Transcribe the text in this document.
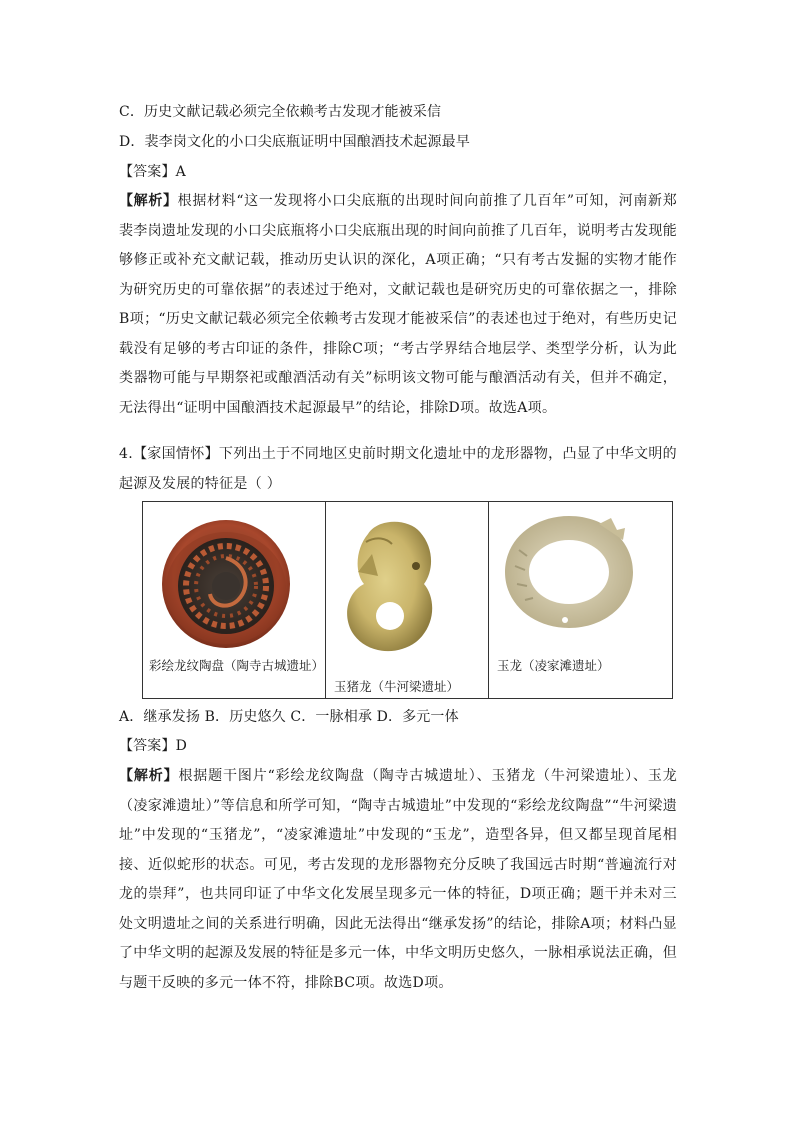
C．历史文献记载必须完全依赖考古发现才能被采信
D．裴李岗文化的小口尖底瓶证明中国酿酒技术起源最早
【答案】A
【解析】根据材料“这一发现将小口尖底瓶的出现时间向前推了几百年”可知，河南新郑裴李岗遗址发现的小口尖底瓶将小口尖底瓶出现的时间向前推了几百年，说明考古发现能够修正或补充文献记载，推动历史认识的深化，A项正确；“只有考古发掘的实物才能作为研究历史的可靠依据”的表述过于绝对，文献记载也是研究历史的可靠依据之一，排除B项；“历史文献记载必须完全依赖考古发现才能被采信”的表述也过于绝对，有些历史记载没有足够的考古印证的条件，排除C项；“考古学界结合地层学、类型学分析，认为此类器物可能与早期祭祀或酿酒活动有关”标明该文物可能与酿酒活动有关，但并不确定，无法得出“证明中国酿酒技术起源最早”的结论，排除D项。故选A项。
4.【家国情怀】下列出土于不同地区史前时期文化遗址中的龙形器物，凸显了中华文明的起源及发展的特征是（ ）
彩绘龙纹陶盘（陶寺古城遗址）
玉猪龙（牛河梁遗址）
玉龙（凌家滩遗址）
A．继承发扬 B．历史悠久 C．一脉相承 D．多元一体
【答案】D
【解析】根据题干图片“彩绘龙纹陶盘（陶寺古城遗址）、玉猪龙（牛河梁遗址）、玉龙（凌家滩遗址）”等信息和所学可知，“陶寺古城遗址”中发现的“彩绘龙纹陶盘”“牛河梁遗址”中发现的“玉猪龙”，“凌家滩遗址”中发现的“玉龙”，造型各异，但又都呈现首尾相接、近似蛇形的状态。可见，考古发现的龙形器物充分反映了我国远古时期“普遍流行对龙的崇拜”，也共同印证了中华文化发展呈现多元一体的特征，D项正确；题干并未对三处文明遗址之间的关系进行明确，因此无法得出“继承发扬”的结论，排除A项；材料凸显了中华文明的起源及发展的特征是多元一体，中华文明历史悠久，一脉相承说法正确，但与题干反映的多元一体不符，排除BC项。故选D项。
